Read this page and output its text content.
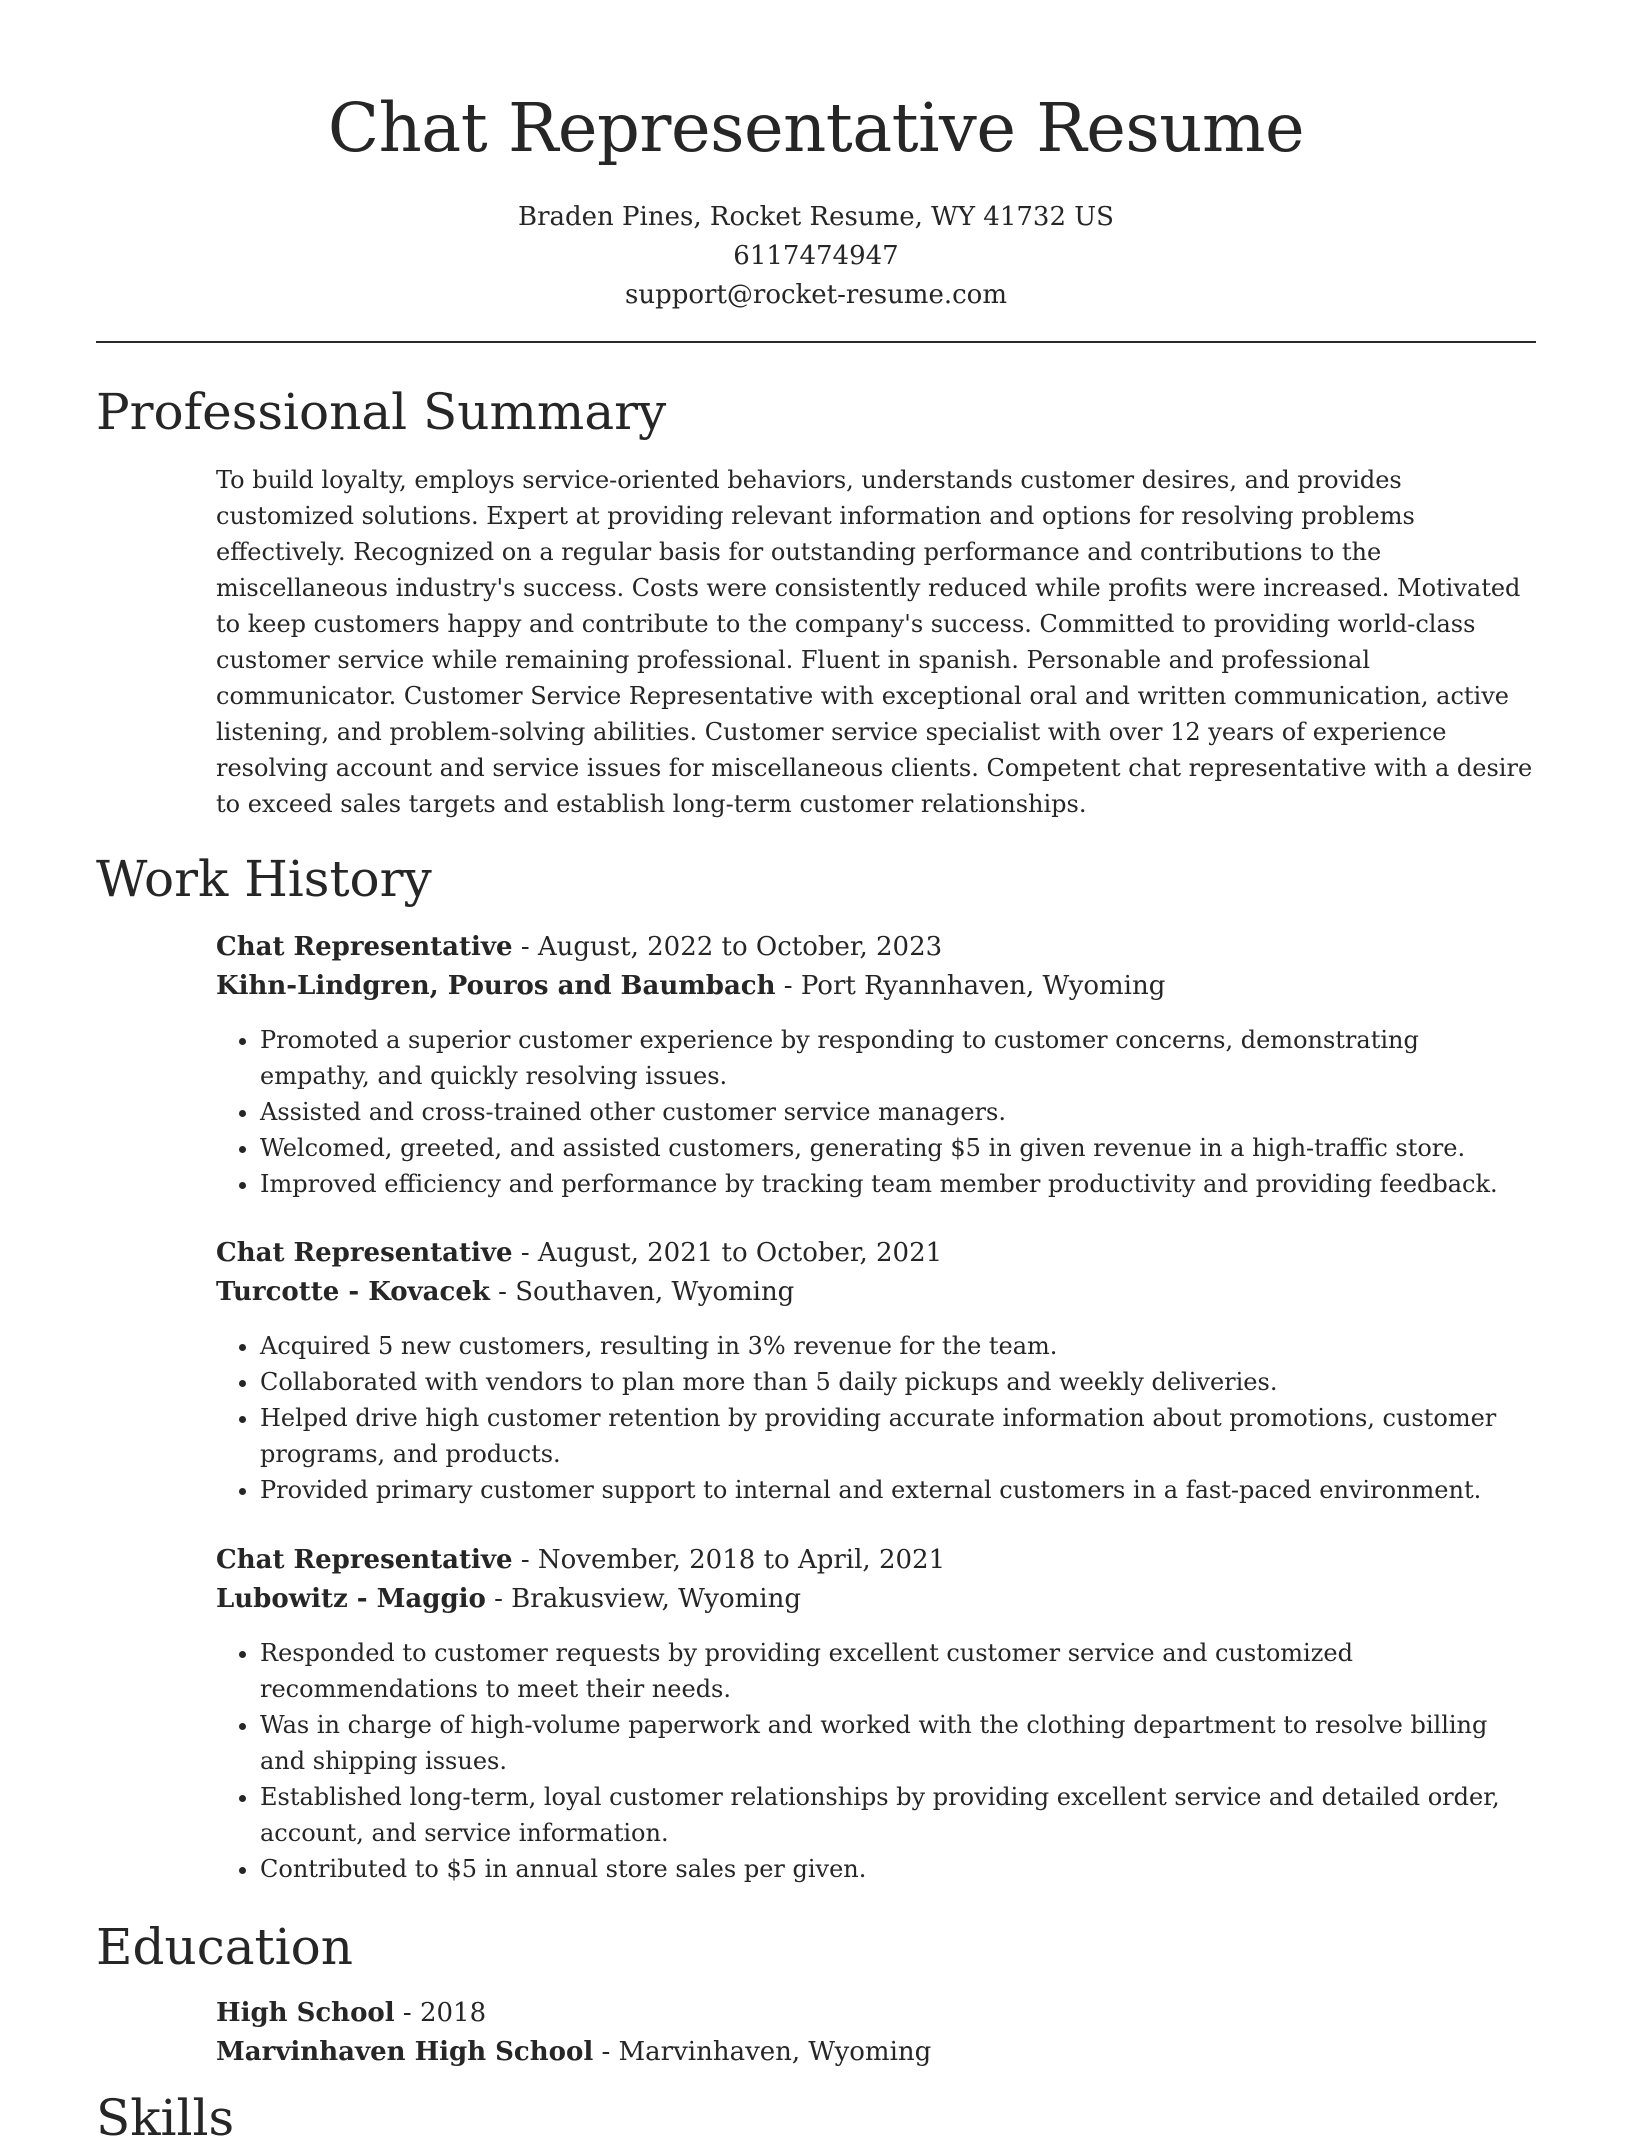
Chat Representative Resume
Braden Pines, Rocket Resume, WY 41732 US
6117474947
support@rocket-resume.com
Professional Summary
To build loyalty, employs service-oriented behaviors, understands customer desires, and provides customized solutions. Expert at providing relevant information and options for resolving problems effectively. Recognized on a regular basis for outstanding performance and contributions to the miscellaneous industry's success. Costs were consistently reduced while profits were increased. Motivated to keep customers happy and contribute to the company's success. Committed to providing world-class customer service while remaining professional. Fluent in spanish. Personable and professional communicator. Customer Service Representative with exceptional oral and written communication, active listening, and problem-solving abilities. Customer service specialist with over 12 years of experience resolving account and service issues for miscellaneous clients. Competent chat representative with a desire to exceed sales targets and establish long-term customer relationships.
Work History
Chat Representative - August, 2022 to October, 2023
Kihn-Lindgren, Pouros and Baumbach - Port Ryannhaven, Wyoming
• Promoted a superior customer experience by responding to customer concerns, demonstrating empathy, and quickly resolving issues.
• Assisted and cross-trained other customer service managers.
• Welcomed, greeted, and assisted customers, generating $5 in given revenue in a high-traffic store.
• Improved efficiency and performance by tracking team member productivity and providing feedback.
Chat Representative - August, 2021 to October, 2021
Turcotte - Kovacek - Southaven, Wyoming
• Acquired 5 new customers, resulting in 3% revenue for the team.
• Collaborated with vendors to plan more than 5 daily pickups and weekly deliveries.
• Helped drive high customer retention by providing accurate information about promotions, customer programs, and products.
• Provided primary customer support to internal and external customers in a fast-paced environment.
Chat Representative - November, 2018 to April, 2021
Lubowitz - Maggio - Brakusview, Wyoming
• Responded to customer requests by providing excellent customer service and customized recommendations to meet their needs.
• Was in charge of high-volume paperwork and worked with the clothing department to resolve billing and shipping issues.
• Established long-term, loyal customer relationships by providing excellent service and detailed order, account, and service information.
• Contributed to $5 in annual store sales per given.
Education
High School - 2018
Marvinhaven High School - Marvinhaven, Wyoming
Skills
